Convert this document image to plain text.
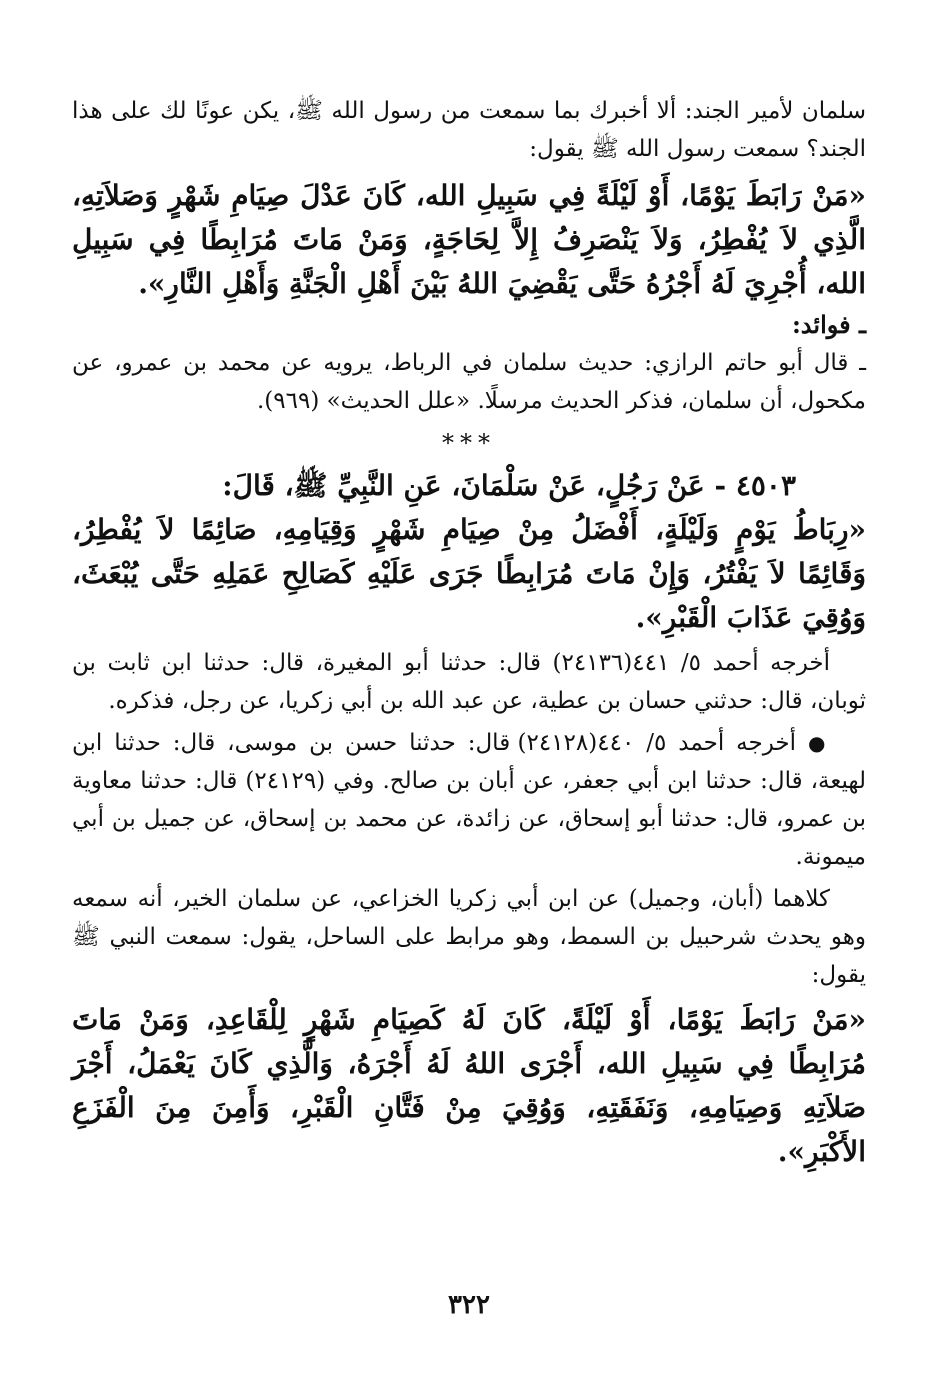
سلمان لأمير الجند: ألا أخبرك بما سمعت من رسول الله ﷺ، يكن عونًا لك على هذا الجند؟ سمعت رسول الله ﷺ يقول:

«مَنْ رَابَطَ يَوْمًا، أَوْ لَيْلَةً فِي سَبِيلِ الله، كَانَ عَدْلَ صِيَامِ شَهْرٍ وَصَلاَتِهِ، الَّذِي لاَ يُفْطِرُ، وَلاَ يَنْصَرِفُ إِلاَّ لِحَاجَةٍ، وَمَنْ مَاتَ مُرَابِطًا فِي سَبِيلِ الله، أُجْرِيَ لَهُ أَجْرُهُ حَتَّى يَقْضِيَ اللهُ بَيْنَ أَهْلِ الْجَنَّةِ وَأَهْلِ النَّارِ».

ـ فوائد:

ـ قال أبو حاتم الرازي: حديث سلمان في الرباط، يرويه عن محمد بن عمرو، عن مكحول، أن سلمان، فذكر الحديث مرسلًا. «علل الحديث» (٩٦٩).

***

٤٥٠٣ - عَنْ رَجُلٍ، عَنْ سَلْمَانَ، عَنِ النَّبِيِّ ﷺ، قَالَ:

«رِبَاطُ يَوْمٍ وَلَيْلَةٍ، أَفْضَلُ مِنْ صِيَامِ شَهْرٍ وَقِيَامِهِ، صَائِمًا لاَ يُفْطِرُ، وَقَائِمًا لاَ يَفْتُرُ، وَإِنْ مَاتَ مُرَابِطًا جَرَى عَلَيْهِ كَصَالِحِ عَمَلِهِ حَتَّى يُبْعَثَ، وَوُقِيَ عَذَابَ الْقَبْرِ».

أخرجه أحمد ٥/ ٤٤١(٢٤١٣٦) قال: حدثنا أبو المغيرة، قال: حدثنا ابن ثابت بن ثوبان، قال: حدثني حسان بن عطية، عن عبد الله بن أبي زكريا، عن رجل، فذكره.

● أخرجه أحمد ٥/ ٤٤٠(٢٤١٢٨) قال: حدثنا حسن بن موسى، قال: حدثنا ابن لهيعة، قال: حدثنا ابن أبي جعفر، عن أبان بن صالح. وفي (٢٤١٢٩) قال: حدثنا معاوية بن عمرو، قال: حدثنا أبو إسحاق، عن زائدة، عن محمد بن إسحاق، عن جميل بن أبي ميمونة.

كلاهما (أبان، وجميل) عن ابن أبي زكريا الخزاعي، عن سلمان الخير، أنه سمعه وهو يحدث شرحبيل بن السمط، وهو مرابط على الساحل، يقول: سمعت النبي ﷺ يقول:

«مَنْ رَابَطَ يَوْمًا، أَوْ لَيْلَةً، كَانَ لَهُ كَصِيَامِ شَهْرٍ لِلْقَاعِدِ، وَمَنْ مَاتَ مُرَابِطًا فِي سَبِيلِ الله، أَجْرَى اللهُ لَهُ أَجْرَهُ، وَالَّذِي كَانَ يَعْمَلُ، أَجْرَ صَلاَتِهِ وَصِيَامِهِ، وَنَفَقَتِهِ، وَوُقِيَ مِنْ فَتَّانِ الْقَبْرِ، وَأَمِنَ مِنَ الْفَزَعِ الأَكْبَرِ».

٣٢٢
